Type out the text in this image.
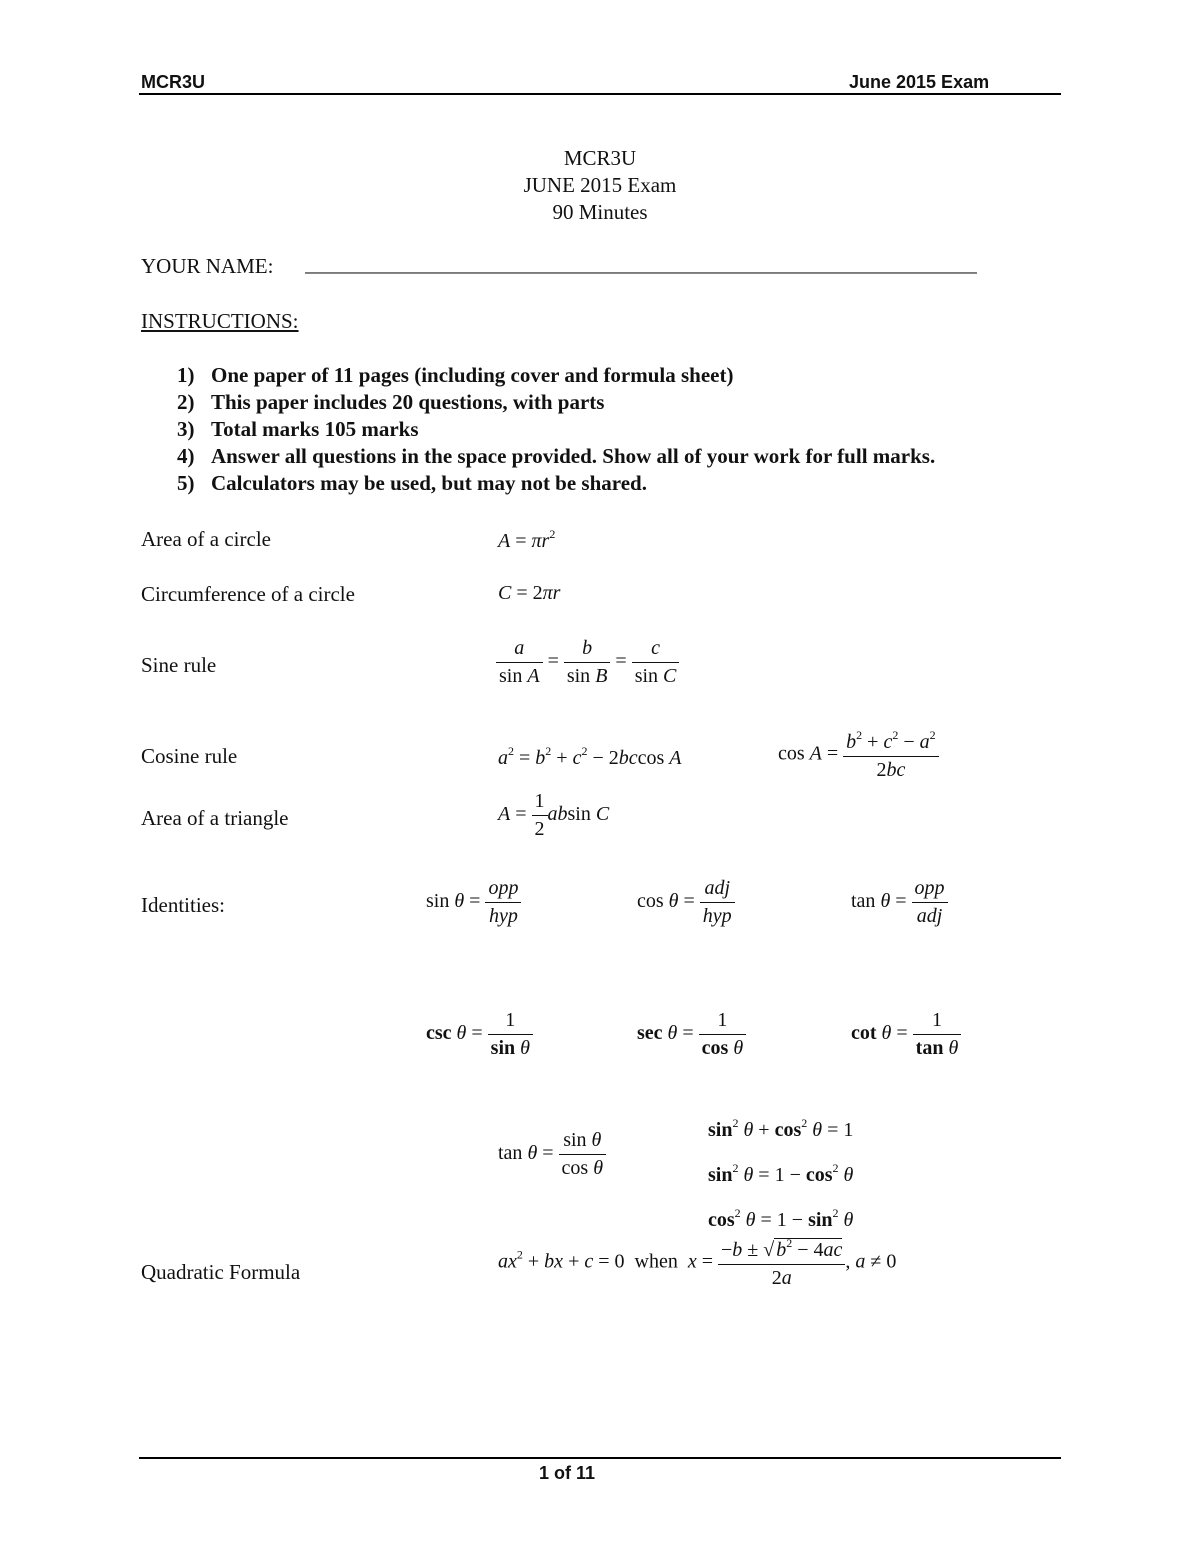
MCR3U	June 2015 Exam
MCR3U
JUNE 2015 Exam
90 Minutes
YOUR NAME: ________________________________________________________________
INSTRUCTIONS:
1) One paper of 11 pages (including cover and formula sheet)
2) This paper includes 20 questions, with parts
3) Total marks 105 marks
4) Answer all questions in the space provided. Show all of your work for full marks.
5) Calculators may be used, but may not be shared.
Area of a circle	$A = \pi r^2$
Circumference of a circle	C = 2πr
Sine rule	$\frac{a}{\text{sin A}} = \frac{b}{\text{sin B}} = \frac{c}{\text{sin C}}$
Cosine rule	$a^2 = b^2 + c^2 - 2bccos$ A	$\cos A = \frac{b^2 + c^2 - a^2}{2bc}$
Area of a triangle	$A = \frac{1}{2}$ absin C
Identities:	$\sin \theta = \frac{\text{opp}}{\text{hyp}}$	$\cos \theta = \frac{\text{adj}}{\text{hyp}}$	$\tan \theta = \frac{\text{opp}}{\text{adj}}$
$\csc \theta = \frac{1}{\text{sin θ}}$	$\sec \theta = \frac{1}{\text{cos θ}}$	$\cot \theta = \frac{1}{\text{tan θ}}$
$\tan \theta = \frac{\text{sin θ}}{\text{cos θ}}$	$\sin^2 \theta + \cos^2 \theta = 1$
$\sin^2 \theta = 1 - \cos^2 \theta$
$\cos^2 \theta = 1 - \sin^2 \theta$
Quadratic Formula	$ax^2$ + bx + c = 0  when $x = \frac{-b \pm √ b^2 - 4ac}{2a}$ , a ≠ 0
1 of 11
